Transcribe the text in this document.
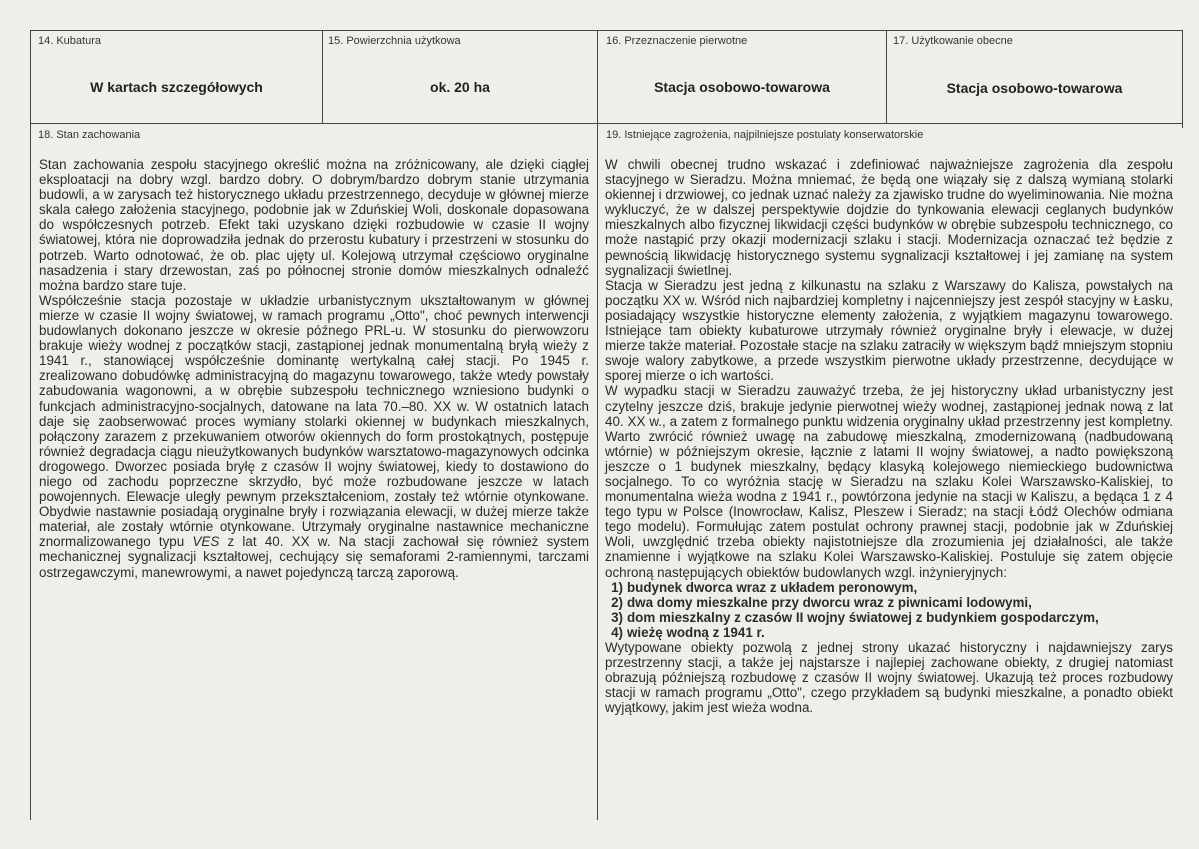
14. Kubatura
W kartach szczegółowych
15. Powierzchnia użytkowa
ok. 20 ha
16. Przeznaczenie pierwotne
Stacja osobowo-towarowa
17. Użytkowanie obecne
Stacja osobowo-towarowa
18. Stan zachowania

Stan zachowania zespołu stacyjnego określić można na zróżnicowany, ale dzięki ciągłej eksploatacji na dobry wzgl. bardzo dobry. O dobrym/bardzo dobrym stanie utrzymania budowli, a w zarysach też historycznego układu przestrzennego, decyduje w głównej mierze skala całego założenia stacyjnego, podobnie jak w Zduńskiej Woli, doskonale dopasowana do współczesnych potrzeb. Efekt taki uzyskano dzięki rozbudowie w czasie II wojny światowej, która nie doprowadziła jednak do przerostu kubatury i przestrzeni w stosunku do potrzeb. Warto odnotować, że ob. plac ujęty ul. Kolejową utrzymał częściowo oryginalne nasadzenia i stary drzewostan, zaś po północnej stronie domów mieszkalnych odnaleźć można bardzo stare tuje.

Współcześnie stacja pozostaje w układzie urbanistycznym ukształtowanym w głównej mierze w czasie II wojny światowej, w ramach programu „Otto", choć pewnych interwencji budowlanych dokonano jeszcze w okresie późnego PRL-u. W stosunku do pierwowzoru brakuje wieży wodnej z początków stacji, zastąpionej jednak monumentalną bryłą wieży z 1941 r., stanowiącej współcześnie dominantę wertykalną całej stacji. Po 1945 r. zrealizowano dobudówkę administracyjną do magazynu towarowego, także wtedy powstały zabudowania wagonowni, a w obrębie subzespołu technicznego wzniesiono budynki o funkcjach administracyjno-socjalnych, datowane na lata 70.–80. XX w. W ostatnich latach daje się zaobserwować proces wymiany stolarki okiennej w budynkach mieszkalnych, połączony zarazem z przekuwaniem otworów okiennych do form prostokątnych, postępuje również degradacja ciągu nieużytkowanych budynków warsztatowo-magazynowych odcinka drogowego. Dworzec posiada bryłę z czasów II wojny światowej, kiedy to dostawiono do niego od zachodu poprzeczne skrzydło, być może rozbudowane jeszcze w latach powojennych. Elewacje uległy pewnym przekształceniom, zostały też wtórnie otynkowane. Obydwie nastawnie posiadają oryginalne bryły i rozwiązania elewacji, w dużej mierze także materiał, ale zostały wtórnie otynkowane. Utrzymały oryginalne nastawnice mechaniczne znormalizowanego typu VES z lat 40. XX w. Na stacji zachował się również system mechanicznej sygnalizacji kształtowej, cechujący się semaforami 2-ramiennymi, tarczami ostrzegawczymi, manewrowymi, a nawet pojedynczą tarczą zaporową.

19. Istniejące zagrożenia, najpilniejsze postulaty konserwatorskie

W chwili obecnej trudno wskazać i zdefiniować najważniejsze zagrożenia dla zespołu stacyjnego w Sieradzu. Można mniemać, że będą one wiązały się z dalszą wymianą stolarki okiennej i drzwiowej, co jednak uznać należy za zjawisko trudne do wyeliminowania. Nie można wykluczyć, że w dalszej perspektywie dojdzie do tynkowania elewacji ceglanych budynków mieszkalnych albo fizycznej likwidacji części budynków w obrębie subzespołu technicznego, co może nastąpić przy okazji modernizacji szlaku i stacji. Modernizacja oznaczać też będzie z pewnością likwidację historycznego systemu sygnalizacji kształtowej i jej zamianę na system sygnalizacji świetlnej.

Stacja w Sieradzu jest jedną z kilkunastu na szlaku z Warszawy do Kalisza, powstałych na początku XX w. Wśród nich najbardziej kompletny i najcenniejszy jest zespół stacyjny w Łasku, posiadający wszystkie historyczne elementy założenia, z wyjątkiem magazynu towarowego. Istniejące tam obiekty kubaturowe utrzymały również oryginalne bryły i elewacje, w dużej mierze także materiał. Pozostałe stacje na szlaku zatraciły w większym bądź mniejszym stopniu swoje walory zabytkowe, a przede wszystkim pierwotne układy przestrzenne, decydujące w sporej mierze o ich wartości.

W wypadku stacji w Sieradzu zauważyć trzeba, że jej historyczny układ urbanistyczny jest czytelny jeszcze dziś, brakuje jedynie pierwotnej wieży wodnej, zastąpionej jednak nową z lat 40. XX w., a zatem z formalnego punktu widzenia oryginalny układ przestrzenny jest kompletny. Warto zwrócić również uwagę na zabudowę mieszkalną, zmodernizowaną (nadbudowaną wtórnie) w późniejszym okresie, łącznie z latami II wojny światowej, a nadto powiększoną jeszcze o 1 budynek mieszkalny, będący klasyką kolejowego niemieckiego budownictwa socjalnego. To co wyróżnia stację w Sieradzu na szlaku Kolei Warszawsko-Kaliskiej, to monumentalna wieża wodna z 1941 r., powtórzona jedynie na stacji w Kaliszu, a będąca 1 z 4 tego typu w Polsce (Inowrocław, Kalisz, Pleszew i Sieradz; na stacji Łódź Olechów odmiana tego modelu). Formułując zatem postulat ochrony prawnej stacji, podobnie jak w Zduńskiej Woli, uwzględnić trzeba obiekty najistotniejsze dla zrozumienia jej działalności, ale także znamienne i wyjątkowe na szlaku Kolei Warszawsko-Kaliskiej. Postuluje się zatem objęcie ochroną następujących obiektów budowlanych wzgl. inżynieryjnych:

1) budynek dworca wraz z układem peronowym,
2) dwa domy mieszkalne przy dworcu wraz z piwnicami lodowymi,
3) dom mieszkalny z czasów II wojny światowej z budynkiem gospodarczym,
4) wieżę wodną z 1941 r.

Wytypowane obiekty pozwolą z jednej strony ukazać historyczny i najdawniejszy zarys przestrzenny stacji, a także jej najstarsze i najlepiej zachowane obiekty, z drugiej natomiast obrazują późniejszą rozbudowę z czasów II wojny światowej. Ukazują też proces rozbudowy stacji w ramach programu „Otto", czego przykładem są budynki mieszkalne, a ponadto obiekt wyjątkowy, jakim jest wieża wodna.
